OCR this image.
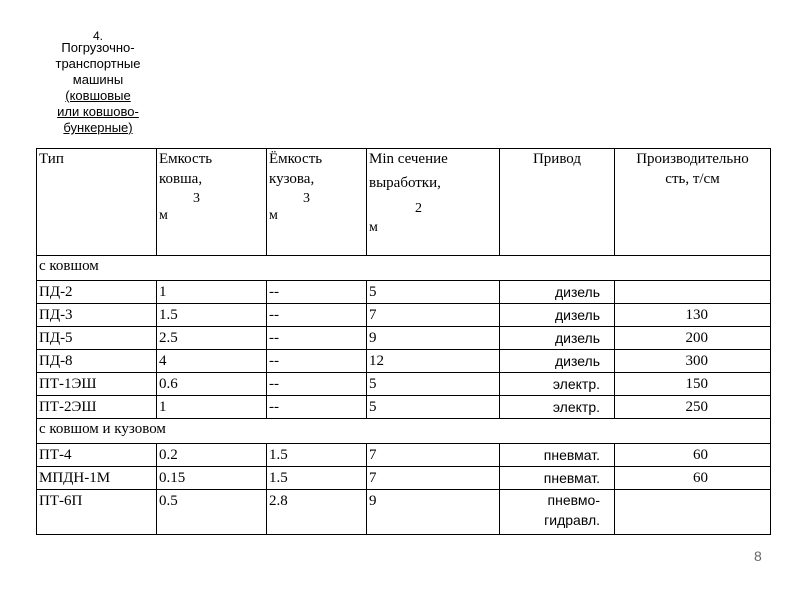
4.
Погрузочно-
транспортные
машины
(ковшовые
или ковшово-
бункерные)
Тип	Емкость
ковша,
3
м	Ёмкость
кузова,
3
м	Min сечение
выработки,
2
м	Привод	Производительно
сть, т/см

с ковшом					
ПД-2	1	--	5	дизель	
ПД-3	1.5	--	7	дизель	130
ПД-5	2.5	--	9	дизель	200
ПД-8	4	--	12	дизель	300
ПТ-1ЭШ	0.6	--	5	электр.	150
ПТ-2ЭШ	1	--	5	электр.	250
с ковшом и кузовом					
ПТ-4	0.2	1.5	7	пневмат.	60
МПДН-1М	0.15	1.5	7	пневмат.	60
ПТ-6П	0.5	2.8	9	пневмо-
гидравл.	
8
